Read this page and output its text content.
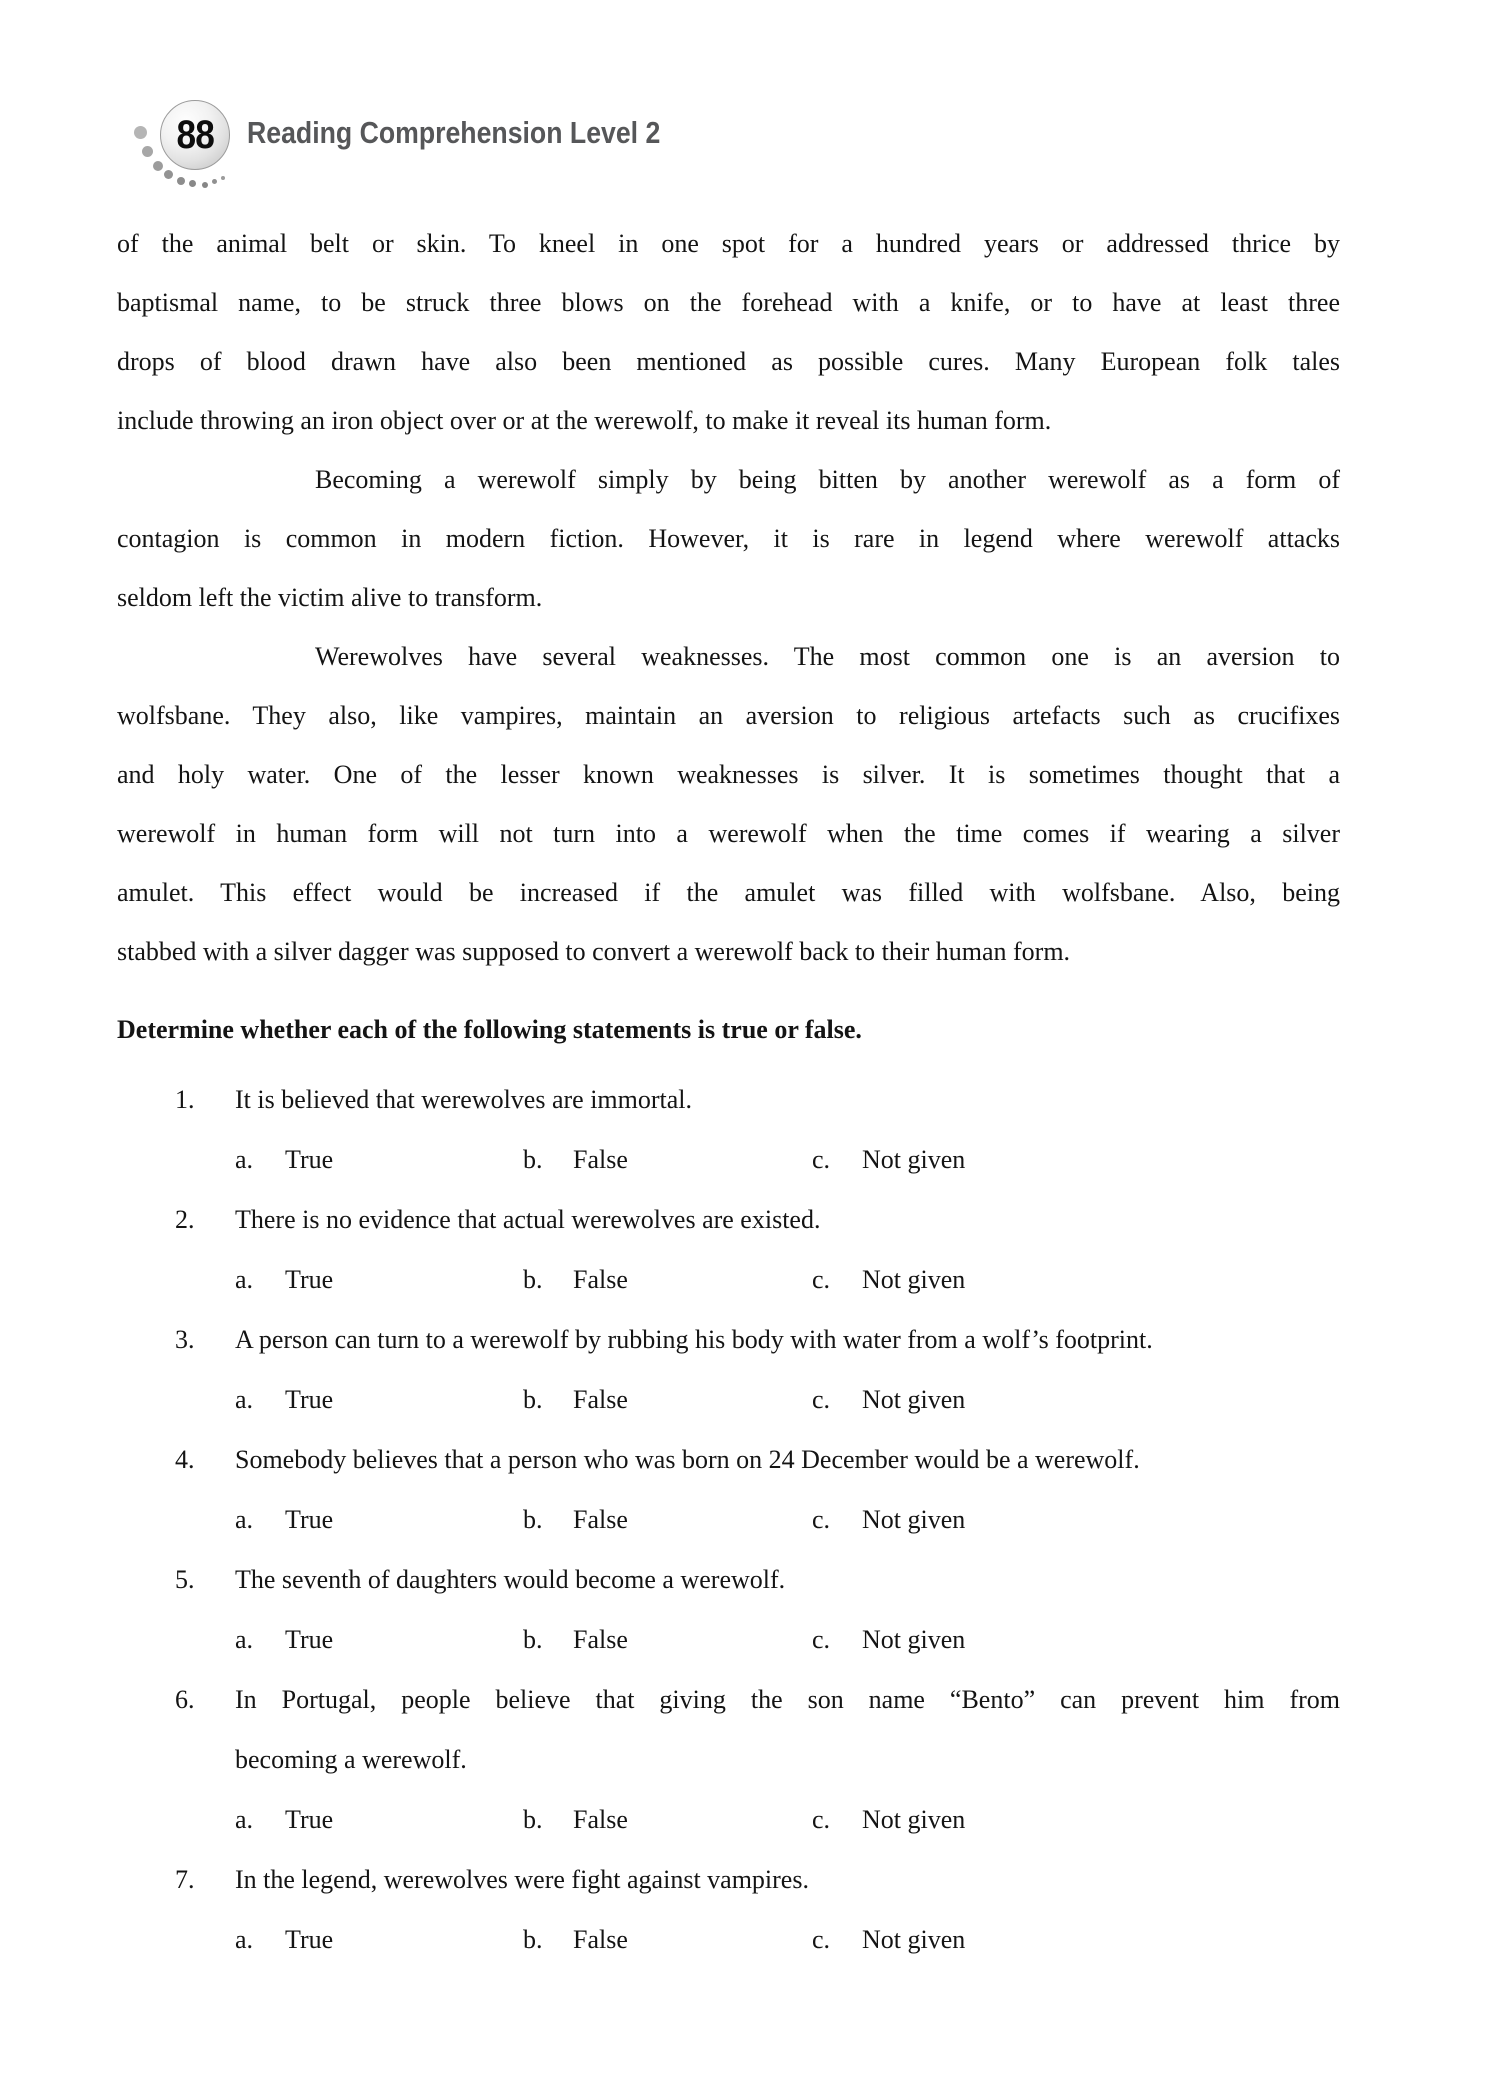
88 Reading Comprehension Level 2
of the animal belt or skin. To kneel in one spot for a hundred years or addressed thrice by
baptismal name, to be struck three blows on the forehead with a knife, or to have at least three
drops of blood drawn have also been mentioned as possible cures. Many European folk tales
include throwing an iron object over or at the werewolf, to make it reveal its human form.
Becoming a werewolf simply by being bitten by another werewolf as a form of
contagion is common in modern fiction. However, it is rare in legend where werewolf attacks
seldom left the victim alive to transform.
Werewolves have several weaknesses. The most common one is an aversion to
wolfsbane. They also, like vampires, maintain an aversion to religious artefacts such as crucifixes
and holy water. One of the lesser known weaknesses is silver. It is sometimes thought that a
werewolf in human form will not turn into a werewolf when the time comes if wearing a silver
amulet. This effect would be increased if the amulet was filled with wolfsbane. Also, being
stabbed with a silver dagger was supposed to convert a werewolf back to their human form.
Determine whether each of the following statements is true or false.
1.	It is believed that werewolves are immortal.
a. True	b. False	c. Not given
2.	There is no evidence that actual werewolves are existed.
a. True	b. False	c. Not given
3.	A person can turn to a werewolf by rubbing his body with water from a wolf’s footprint.
a. True	b. False	c. Not given
4.	Somebody believes that a person who was born on 24 December would be a werewolf.
a. True	b. False	c. Not given
5.	The seventh of daughters would become a werewolf.
a. True	b. False	c. Not given
6.	In Portugal, people believe that giving the son name “Bento” can prevent him from
becoming a werewolf.
a. True	b. False	c. Not given
7.	In the legend, werewolves were fight against vampires.
a. True	b. False	c. Not given
